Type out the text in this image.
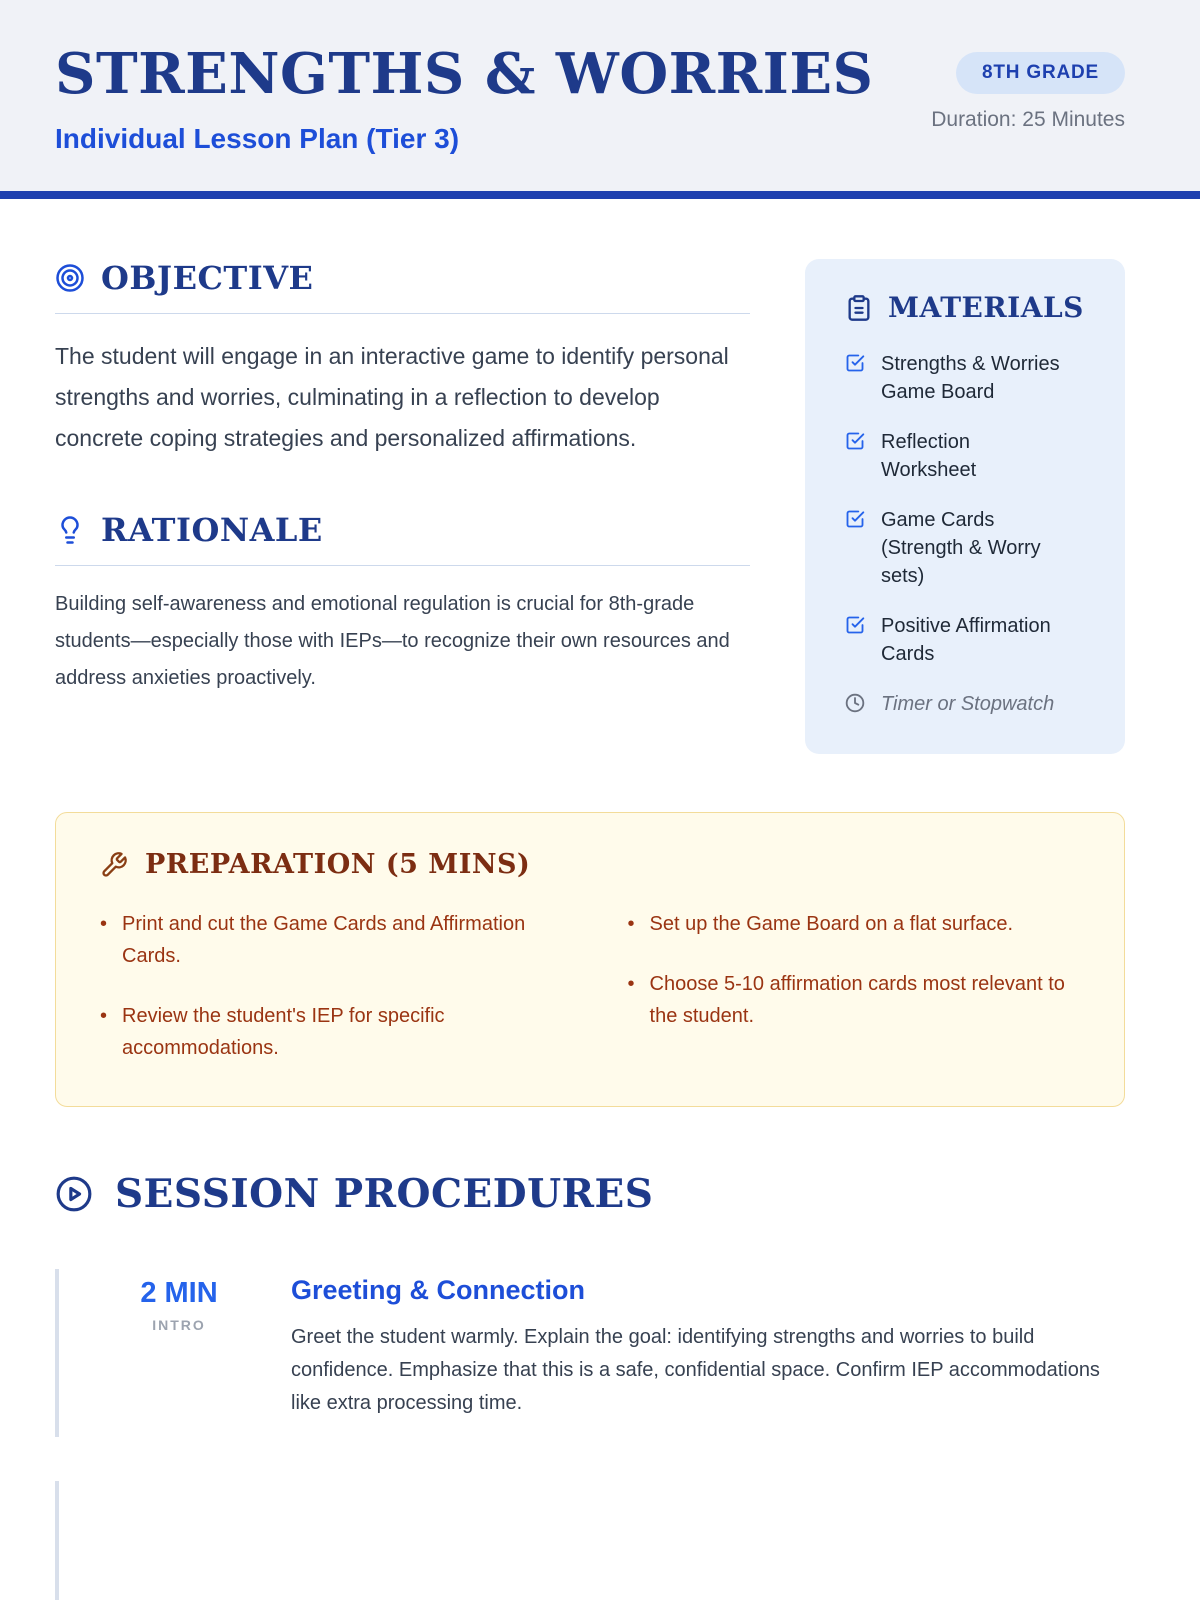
STRENGTHS & WORRIES
Individual Lesson Plan (Tier 3)
8TH GRADE
Duration: 25 Minutes
OBJECTIVE

The student will engage in an interactive game to identify personal strengths and worries, culminating in a reflection to develop concrete coping strategies and personalized affirmations.

RATIONALE

Building self-awareness and emotional regulation is crucial for 8th-grade students—especially those with IEPs—to recognize their own resources and address anxieties proactively.

MATERIALS
Strengths & Worries Game Board
Reflection Worksheet
Game Cards (Strength & Worry sets)
Positive Affirmation Cards
Timer or Stopwatch
PREPARATION (5 MINS)
• Print and cut the Game Cards and Affirmation Cards.
• Review the student's IEP for specific accommodations.
• Set up the Game Board on a flat surface.
• Choose 5-10 affirmation cards most relevant to the student.
SESSION PROCEDURES
2 MIN
INTRO
Greeting & Connection
Greet the student warmly. Explain the goal: identifying strengths and worries to build confidence. Emphasize that this is a safe, confidential space. Confirm IEP accommodations like extra processing time.
